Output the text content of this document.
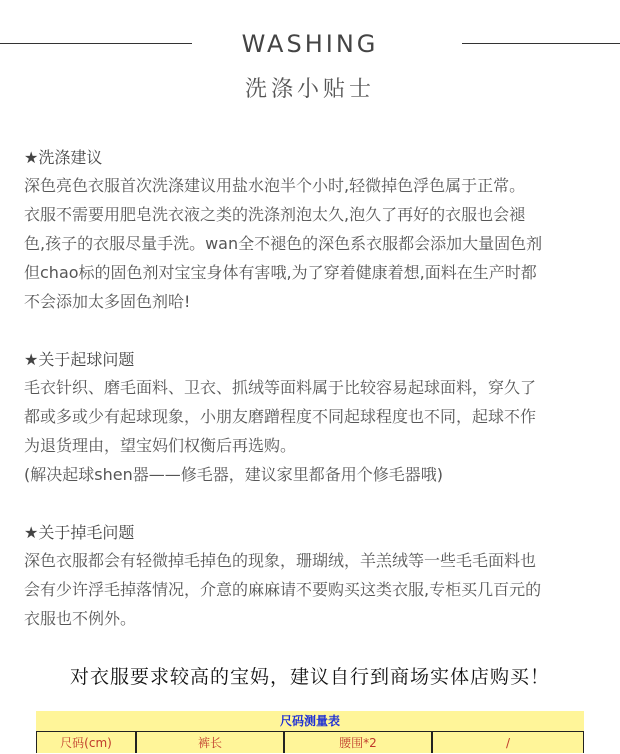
WASHING
洗涤小贴士
★洗涤建议

深色亮色衣服首次洗涤建议用盐水泡半个小时,轻微掉色浮色属于正常。

衣服不需要用肥皂洗衣液之类的洗涤剂泡太久,泡久了再好的衣服也会褪

色,孩子的衣服尽量手洗。wan全不褪色的深色系衣服都会添加大量固色剂

但chao标的固色剂对宝宝身体有害哦,为了穿着健康着想,面料在生产时都

不会添加太多固色剂哈!

★关于起球问题

毛衣针织、磨毛面料、卫衣、抓绒等面料属于比较容易起球面料，穿久了

都或多或少有起球现象，小朋友磨蹭程度不同起球程度也不同，起球不作

为退货理由，望宝妈们权衡后再选购。

(解决起球shen器——修毛器，建议家里都备用个修毛器哦)

★关于掉毛问题

深色衣服都会有轻微掉毛掉色的现象，珊瑚绒，羊羔绒等一些毛毛面料也

会有少许浮毛掉落情况，介意的麻麻请不要购买这类衣服,专柜买几百元的

衣服也不例外。

对衣服要求较高的宝妈，建议自行到商场实体店购买！
尺码测量表
尺码(cm)	裤长	腰围*2	/
